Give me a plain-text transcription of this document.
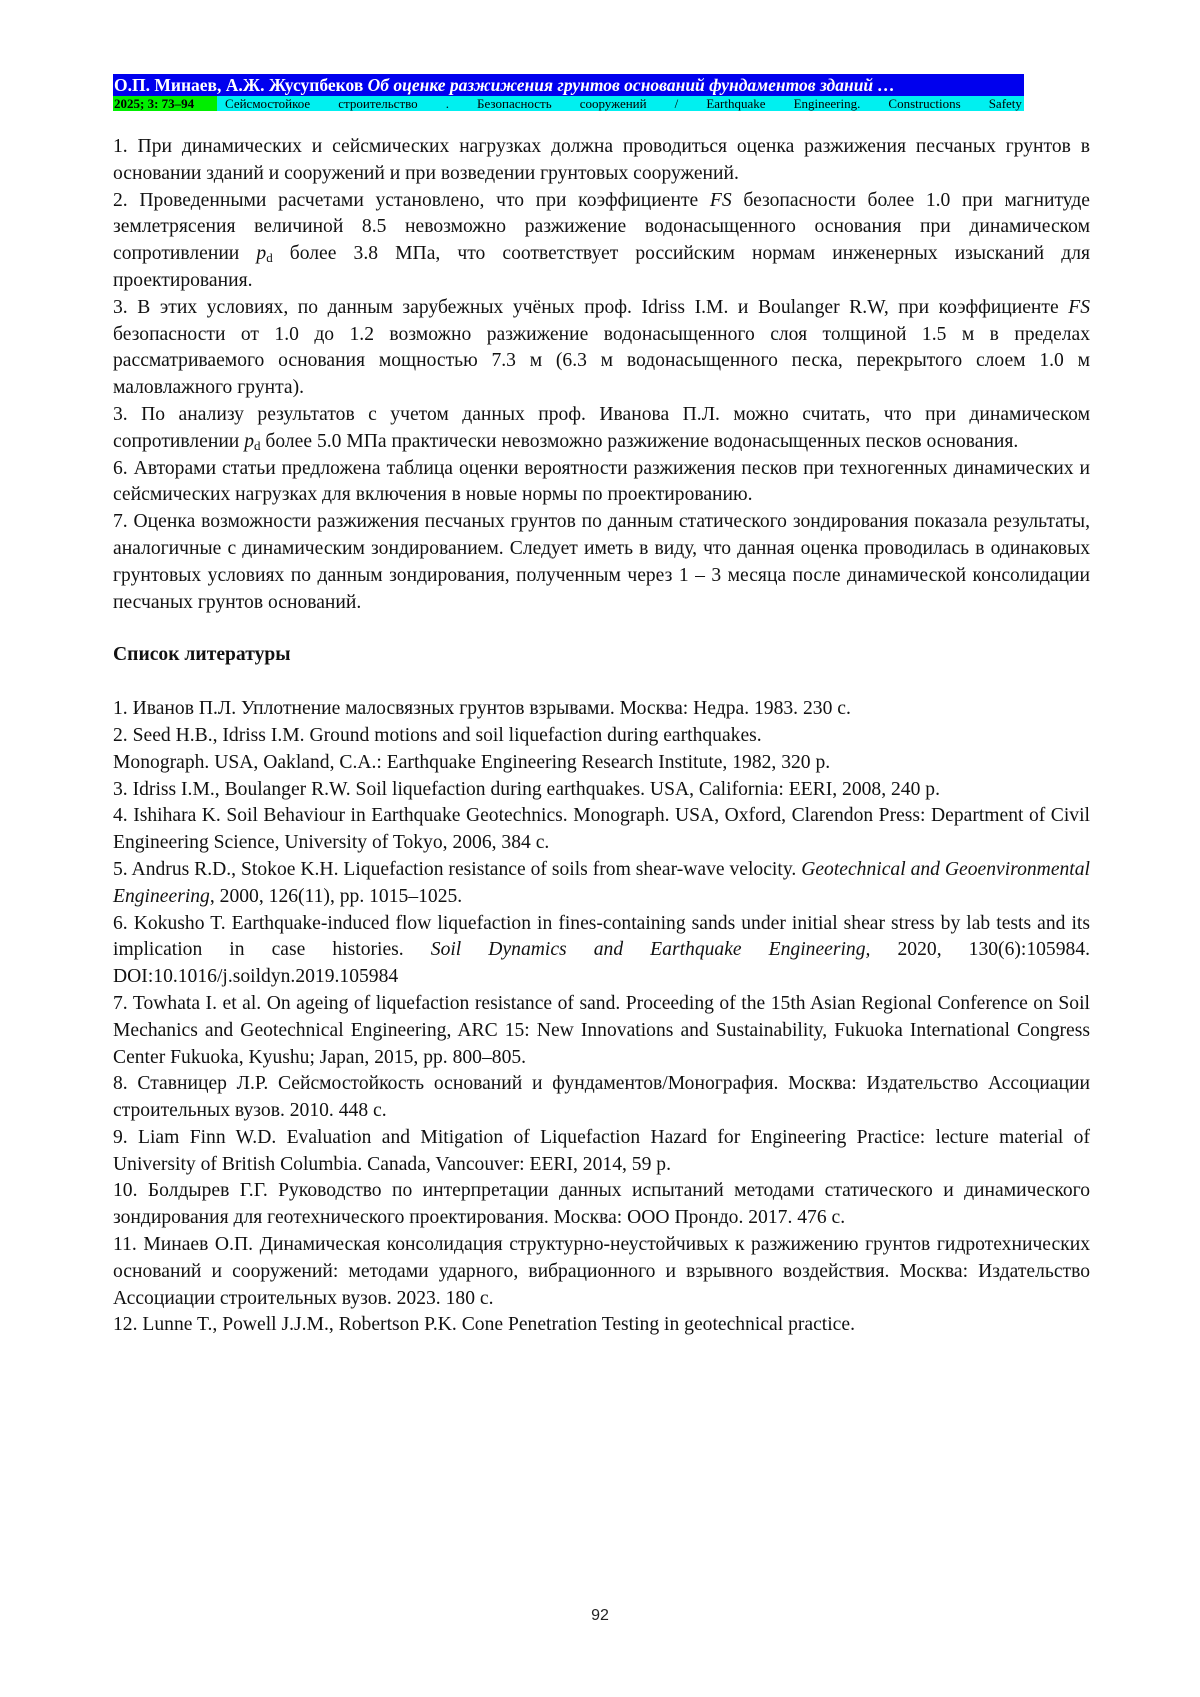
О.П. Минаев, А.Ж. Жусупбеков Об оценке разжижения грунтов оснований фундаментов зданий …
2025; 3: 73–94	Сейсмостойкое строительство . Безопасность сооружений / Earthquake Engineering. Constructions Safety

1. При динамических и сейсмических нагрузках должна проводиться оценка разжижения песчаных грунтов в основании зданий и сооружений и при возведении грунтовых сооружений.

2. Проведенными расчетами установлено, что при коэффициенте FS безопасности более 1.0 при магнитуде землетрясения величиной 8.5 невозможно разжижение водонасыщенного основания при динамическом сопротивлении $p_d$ более 3.8 МПа, что соответствует российским нормам инженерных изысканий для проектирования.

3. В этих условиях, по данным зарубежных учёных проф. Idriss I.M. и Boulanger R.W, при коэффициенте FS безопасности от 1.0 до 1.2 возможно разжижение водонасыщенного слоя толщиной 1.5 м в пределах рассматриваемого основания мощностью 7.3 м (6.3 м водонасыщенного песка, перекрытого слоем 1.0 м маловлажного грунта).

3. По анализу результатов с учетом данных проф. Иванова П.Л. можно считать, что при динамическом сопротивлении $p_d$ более 5.0 МПа практически невозможно разжижение водонасыщенных песков основания.

6. Авторами статьи предложена таблица оценки вероятности разжижения песков при техногенных динамических и сейсмических нагрузках для включения в новые нормы по проектированию.

7. Оценка возможности разжижения песчаных грунтов по данным статического зондирования показала результаты, аналогичные с динамическим зондированием. Следует иметь в виду, что данная оценка проводилась в одинаковых грунтовых условиях по данным зондирования, полученным через 1 – 3 месяца после динамической консолидации песчаных грунтов оснований.

Список литературы

1. Иванов П.Л. Уплотнение малосвязных грунтов взрывами. Москва: Недра. 1983. 230 с.

2. Seed H.B., Idriss I.M. Ground motions and soil liquefaction during earthquakes.

Monograph. USA, Oakland, C.A.: Earthquake Engineering Research Institute, 1982, 320 p.

3. Idriss I.M., Boulanger R.W. Soil liquefaction during earthquakes. USA, California: EERI, 2008, 240 p.

4. Ishihara K. Soil Behaviour in Earthquake Geotechnics. Monograph. USA, Oxford, Clarendon Press: Department of Civil Engineering Science, University of Tokyo, 2006, 384 c.

5. Andrus R.D., Stokoe K.H. Liquefaction resistance of soils from shear-wave velocity. Geotechnical and Geoenvironmental Engineering, 2000, 126(11), pp. 1015–1025.

6. Kokusho T. Earthquake-induced flow liquefaction in fines-containing sands under initial shear stress by lab tests and its implication in case histories. Soil Dynamics and Earthquake Engineering, 2020, 130(6):105984. DOI:10.1016/j.soildyn.2019.105984

7. Towhata I. et al. On ageing of liquefaction resistance of sand. Proceeding of the 15th Asian Regional Conference on Soil Mechanics and Geotechnical Engineering, ARC 15: New Innovations and Sustainability, Fukuoka International Congress Center Fukuoka, Kyushu; Japan, 2015, pp. 800–805.

8. Ставницер Л.Р. Сейсмостойкость оснований и фундаментов/Монография. Москва: Издательство Ассоциации строительных вузов. 2010. 448 с.

9. Liam Finn W.D. Evaluation and Mitigation of Liquefaction Hazard for Engineering Practice: lecture material of University of British Columbia. Canada, Vancouver: EERI, 2014, 59 p.

10. Болдырев Г.Г. Руководство по интерпретации данных испытаний методами статического и динамического зондирования для геотехнического проектирования. Москва: ООО Прондо. 2017. 476 с.

11. Минаев О.П. Динамическая консолидация структурно-неустойчивых к разжижению грунтов гидротехнических оснований и сооружений: методами ударного, вибрационного и взрывного воздействия. Москва: Издательство Ассоциации строительных вузов. 2023. 180 с.

12. Lunne T., Powell J.J.M., Robertson P.K. Cone Penetration Testing in geotechnical practice.

92
